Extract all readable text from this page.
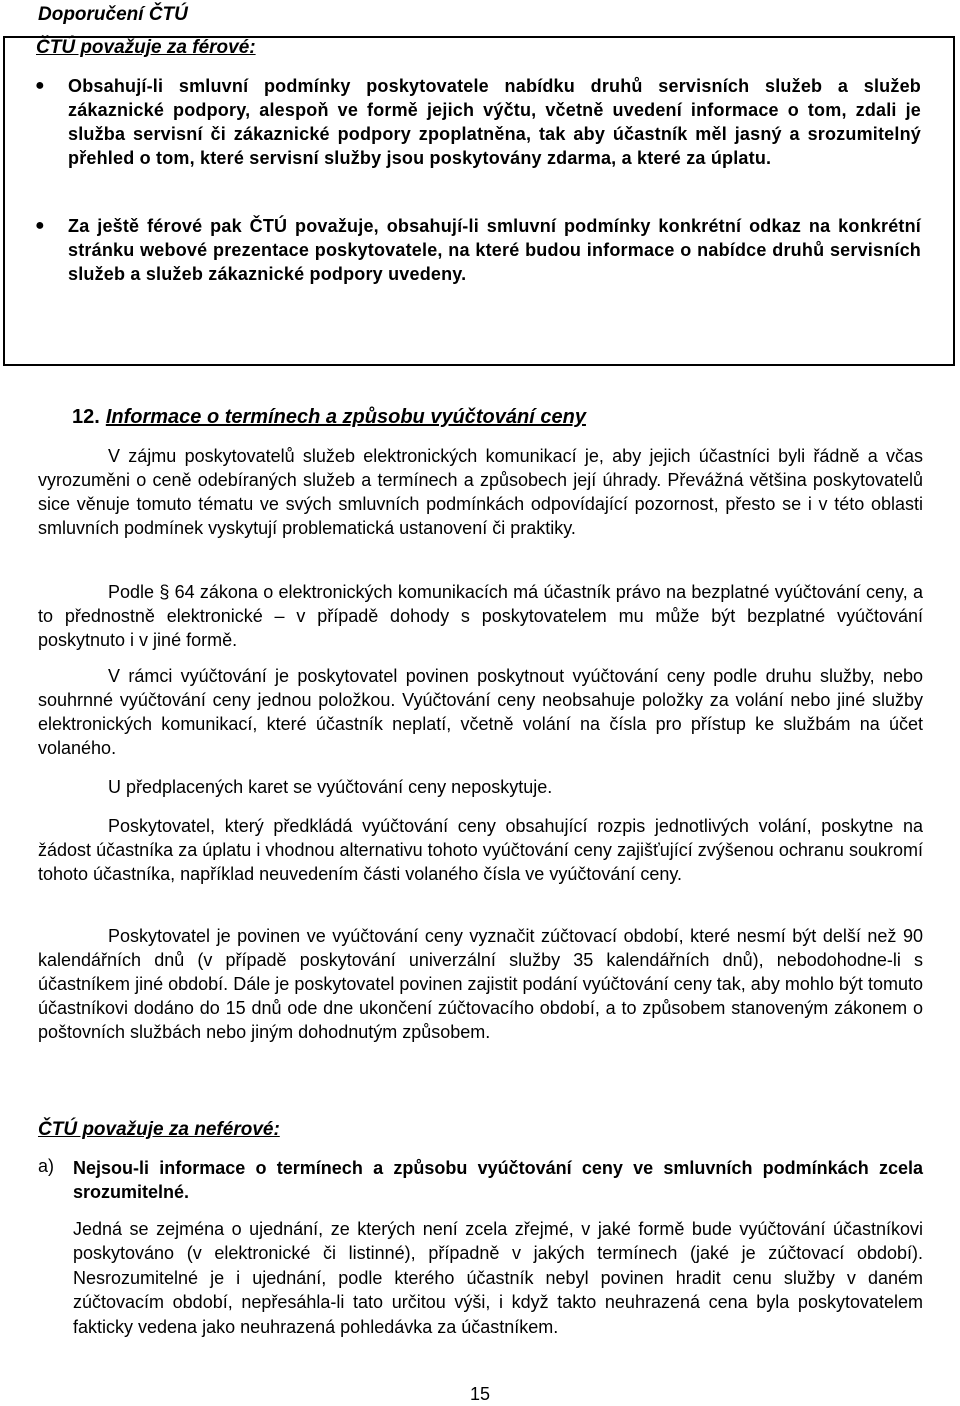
Doporučení ČTÚ
ČTÚ považuje za férové:
● Obsahují-li smluvní podmínky poskytovatele nabídku druhů servisních služeb a služeb zákaznické podpory, alespoň ve formě jejich výčtu, včetně uvedení informace o tom, zdali je služba servisní či zákaznické podpory zpoplatněna, tak aby účastník měl jasný a srozumitelný přehled o tom, které servisní služby jsou poskytovány zdarma, a které za úplatu.
● Za ještě férové pak ČTÚ považuje, obsahují-li smluvní podmínky konkrétní odkaz na konkrétní stránku webové prezentace poskytovatele, na které budou informace o nabídce druhů servisních služeb a služeb zákaznické podpory uvedeny.
12. Informace o termínech a způsobu vyúčtování ceny
V zájmu poskytovatelů služeb elektronických komunikací je, aby jejich účastníci byli řádně a včas vyrozuměni o ceně odebíraných služeb a termínech a způsobech její úhrady. Převážná většina poskytovatelů sice věnuje tomuto tématu ve svých smluvních podmínkách odpovídající pozornost, přesto se i v této oblasti smluvních podmínek vyskytují problematická ustanovení či praktiky.
Podle § 64 zákona o elektronických komunikacích má účastník právo na bezplatné vyúčtování ceny, a to přednostně elektronické – v případě dohody s poskytovatelem mu může být bezplatné vyúčtování poskytnuto i v jiné formě.
V rámci vyúčtování je poskytovatel povinen poskytnout vyúčtování ceny podle druhu služby, nebo souhrnné vyúčtování ceny jednou položkou. Vyúčtování ceny neobsahuje položky za volání nebo jiné služby elektronických komunikací, které účastník neplatí, včetně volání na čísla pro přístup ke službám na účet volaného.
U předplacených karet se vyúčtování ceny neposkytuje.
Poskytovatel, který předkládá vyúčtování ceny obsahující rozpis jednotlivých volání, poskytne na žádost účastníka za úplatu i vhodnou alternativu tohoto vyúčtování ceny zajišťující zvýšenou ochranu soukromí tohoto účastníka, například neuvedením části volaného čísla ve vyúčtování ceny.
Poskytovatel je povinen ve vyúčtování ceny vyznačit zúčtovací období, které nesmí být delší než 90 kalendářních dnů (v případě poskytování univerzální služby 35 kalendářních dnů), nebodohodne-li s účastníkem jiné období. Dále je poskytovatel povinen zajistit podání vyúčtování ceny tak, aby mohlo být tomuto účastníkovi dodáno do 15 dnů ode dne ukončení zúčtovacího období, a to způsobem stanoveným zákonem o poštovních službách nebo jiným dohodnutým způsobem.
ČTÚ považuje za neférové:
a) Nejsou-li informace o termínech a způsobu vyúčtování ceny ve smluvních podmínkách zcela srozumitelné.
Jedná se zejména o ujednání, ze kterých není zcela zřejmé, v jaké formě bude vyúčtování účastníkovi poskytováno (v elektronické či listinné), případně v jakých termínech (jaké je zúčtovací období). Nesrozumitelné je i ujednání, podle kterého účastník nebyl povinen hradit cenu služby v daném zúčtovacím období, nepřesáhla-li tato určitou výši, i když takto neuhrazená cena byla poskytovatelem fakticky vedena jako neuhrazená pohledávka za účastníkem.
15
